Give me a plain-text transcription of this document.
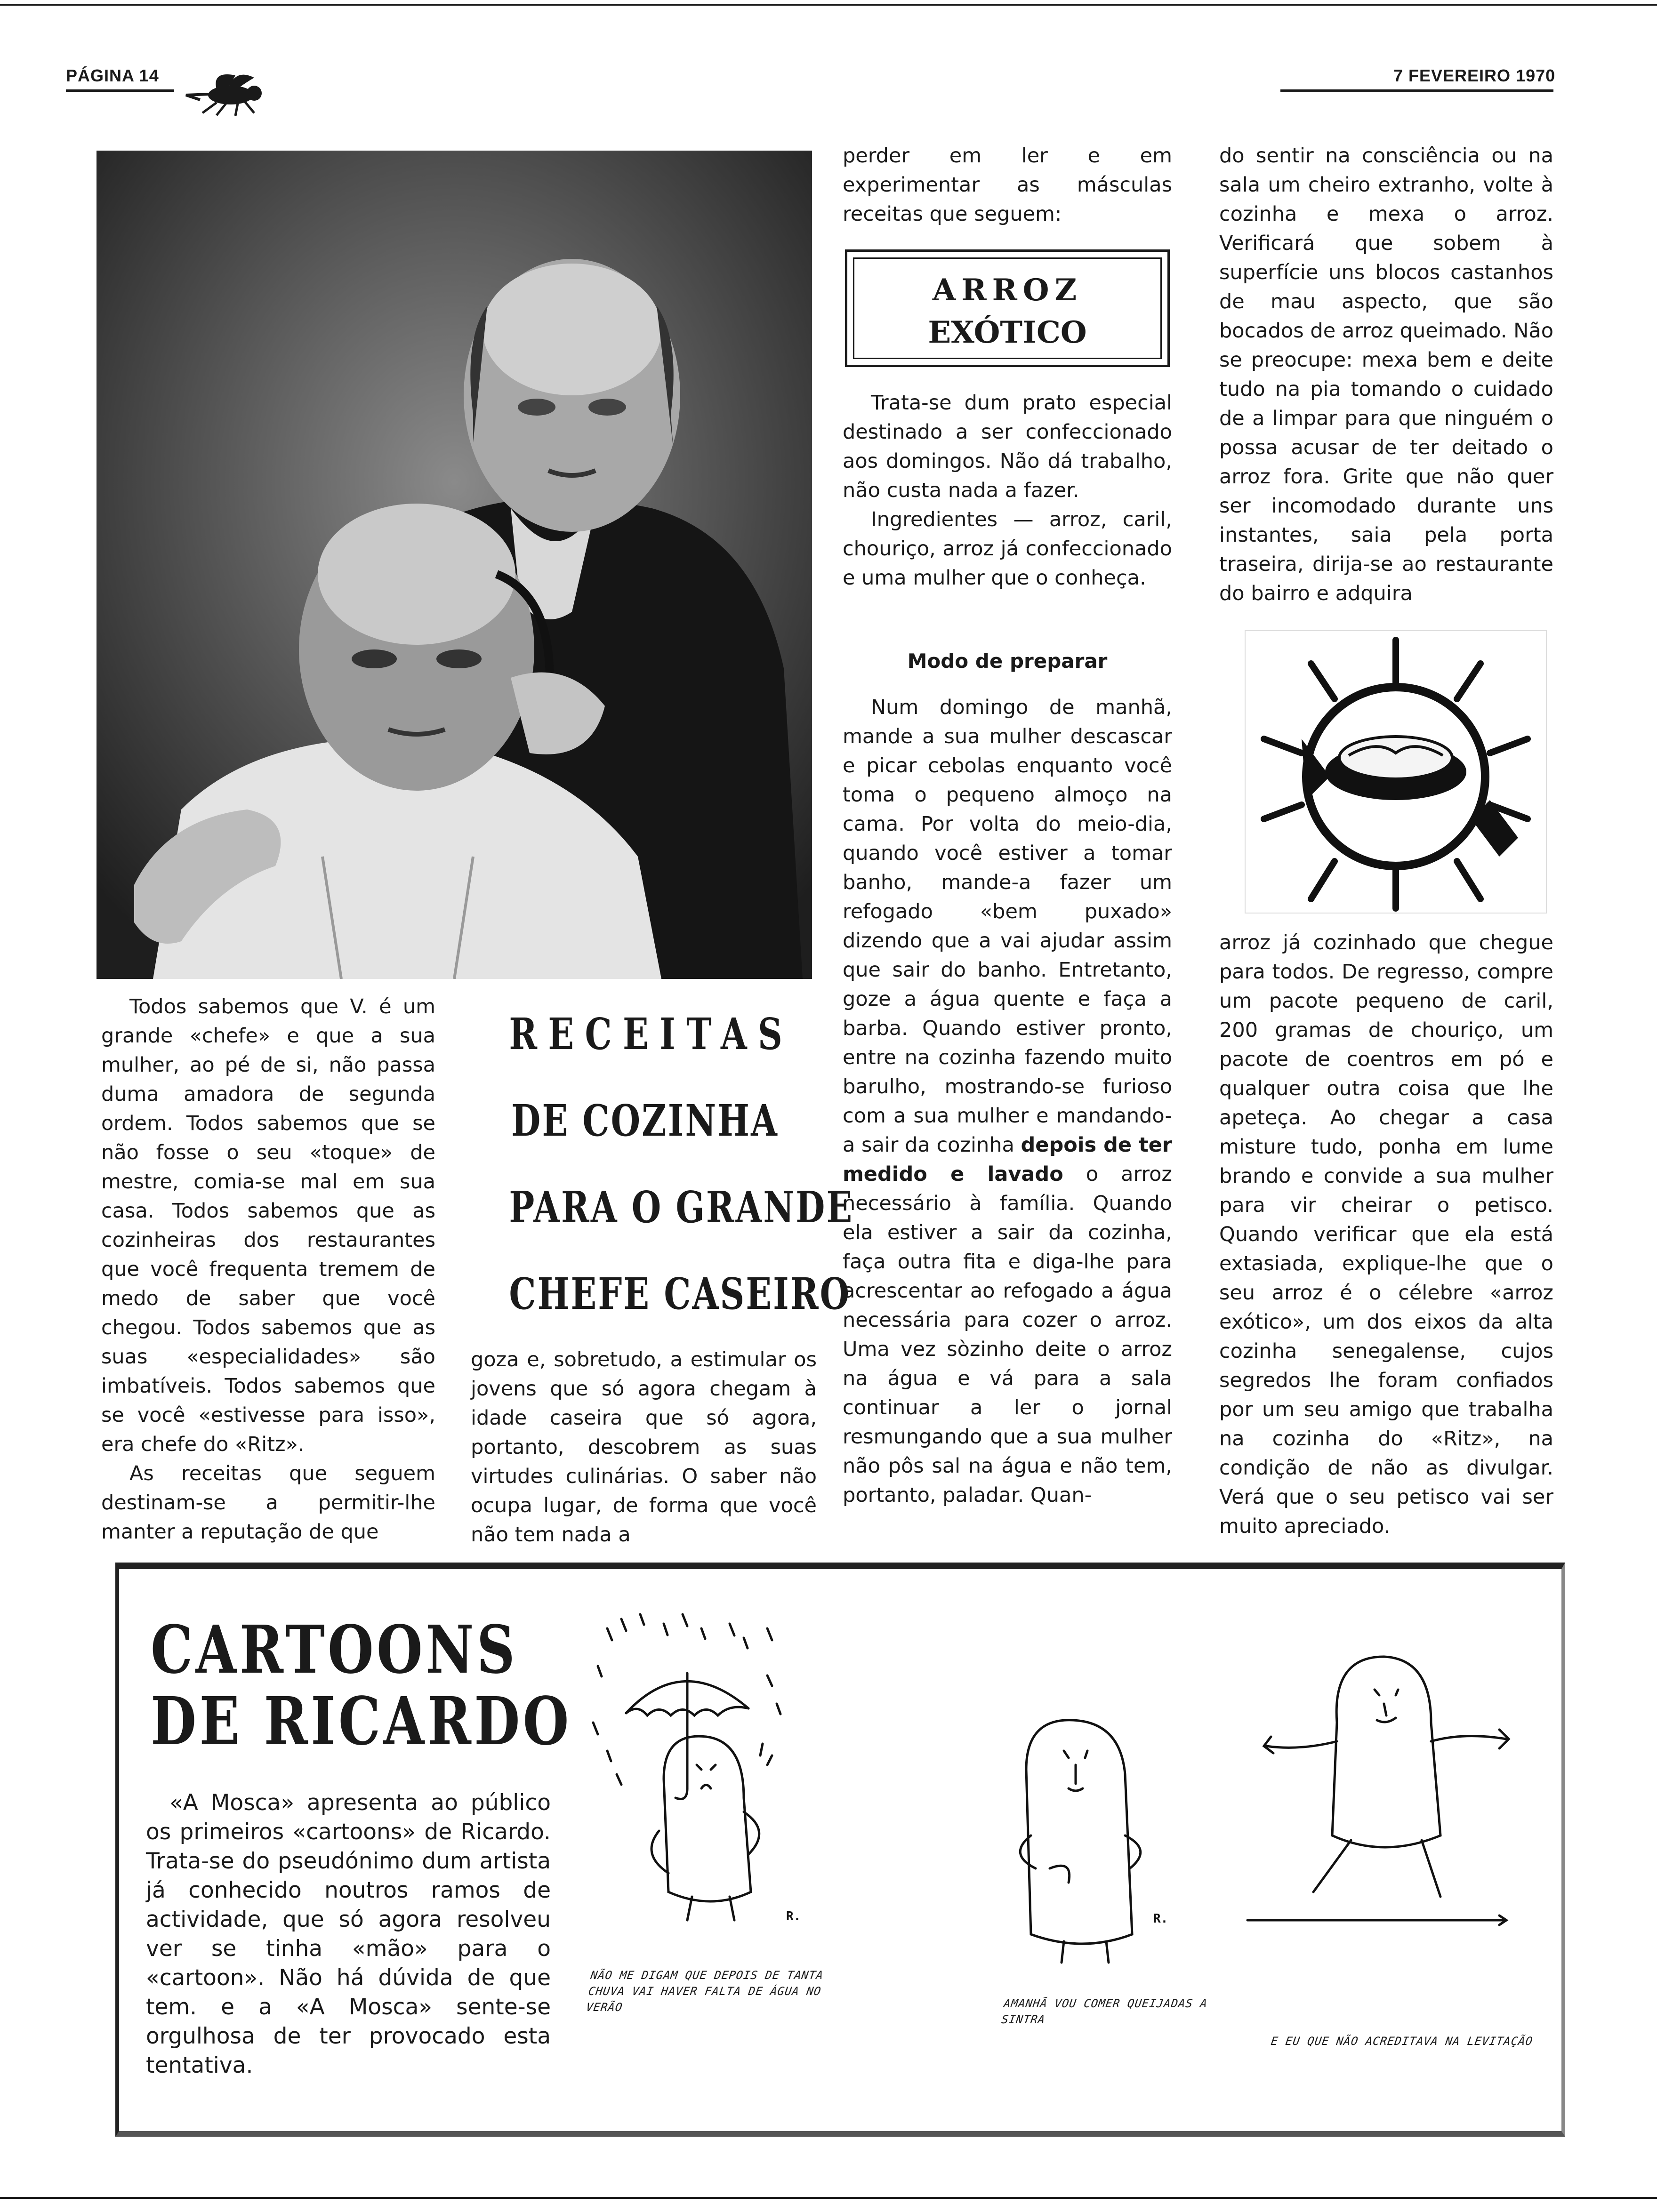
PÁGINA 14	7 FEVEREIRO 1970
RECEITAS
DE COZINHA
PARA O GRANDE
CHEFE CASEIRO

Todos sabemos que V. é um grande «chefe» e que a sua mulher, ao pé de si, não passa duma amadora de segunda ordem. Todos sabemos que se não fosse o seu «toque» de mestre, comia-se mal em sua casa. Todos sabemos que as cozinheiras dos restaurantes que você frequenta tremem de medo de saber que você chegou. Todos sabemos que as suas «especialidades» são imbatíveis. Todos sabemos que se você «estivesse para isso», era chefe do «Ritz».

As receitas que seguem destinam-se a permitir-lhe manter a reputação de que

goza e, sobretudo, a estimular os jovens que só agora chegam à idade caseira que só agora, portanto, descobrem as suas virtudes culinárias. O saber não ocupa lugar, de forma que você não tem nada a

perder em ler e em experimentar as másculas receitas que seguem:

ARROZ
EXÓTICO

Trata-se dum prato especial destinado a ser confeccionado aos domingos. Não dá trabalho, não custa nada a fazer.

Ingredientes — arroz, caril, chouriço, arroz já confeccionado e uma mulher que o conheça.

Modo de preparar

Num domingo de manhã, mande a sua mulher descascar e picar cebolas enquanto você toma o pequeno almoço na cama. Por volta do meio-dia, quando você estiver a tomar banho, mande-a fazer um refogado «bem puxado» dizendo que a vai ajudar assim que sair do banho. Entretanto, goze a água quente e faça a barba. Quando estiver pronto, entre na cozinha fazendo muito barulho, mostrando-se furioso com a sua mulher e mandando-a sair da cozinha depois de ter medido e lavado o arroz necessário à família. Quando ela estiver a sair da cozinha, faça outra fita e diga-lhe para acrescentar ao refogado a água necessária para cozer o arroz. Uma vez sòzinho deite o arroz na água e vá para a sala continuar a ler o jornal resmungando que a sua mulher não pôs sal na água e não tem, portanto, paladar. Quan-

do sentir na consciência ou na sala um cheiro extranho, volte à cozinha e mexa o arroz. Verificará que sobem à superfície uns blocos castanhos de mau aspecto, que são bocados de arroz queimado. Não se preocupe: mexa bem e deite tudo na pia tomando o cuidado de a limpar para que ninguém o possa acusar de ter deitado o arroz fora. Grite que não quer ser incomodado durante uns instantes, saia pela porta traseira, dirija-se ao restaurante do bairro e adquira

arroz já cozinhado que chegue para todos. De regresso, compre um pacote pequeno de caril, 200 gramas de chouriço, um pacote de coentros em pó e qualquer outra coisa que lhe apeteça. Ao chegar a casa misture tudo, ponha em lume brando e convide a sua mulher para vir cheirar o petisco. Quando verificar que ela está extasiada, explique-lhe que o seu arroz é o célebre «arroz exótico», um dos eixos da alta cozinha senegalense, cujos segredos lhe foram confiados por um seu amigo que trabalha na cozinha do «Ritz», na condição de não as divulgar. Verá que o seu petisco vai ser muito apreciado.

CARTOONS
DE RICARDO

«A Mosca» apresenta ao público os primeiros «cartoons» de Ricardo. Trata-se do pseudónimo dum artista já conhecido noutros ramos de actividade, que só agora resolveu ver se tinha «mão» para o «cartoon». Não há dúvida de que tem. e a «A Mosca» sente-se orgulhosa de ter provocado esta tentativa.

R.
NÃO ME DIGAM QUE DEPOIS DE TANTA CHUVA VAI HAVER FALTA DE ÁGUA NO VERÃO
R.
AMANHÃ VOU COMER QUEIJADAS A SINTRA
E EU QUE NÃO ACREDITAVA NA LEVITAÇÃO
